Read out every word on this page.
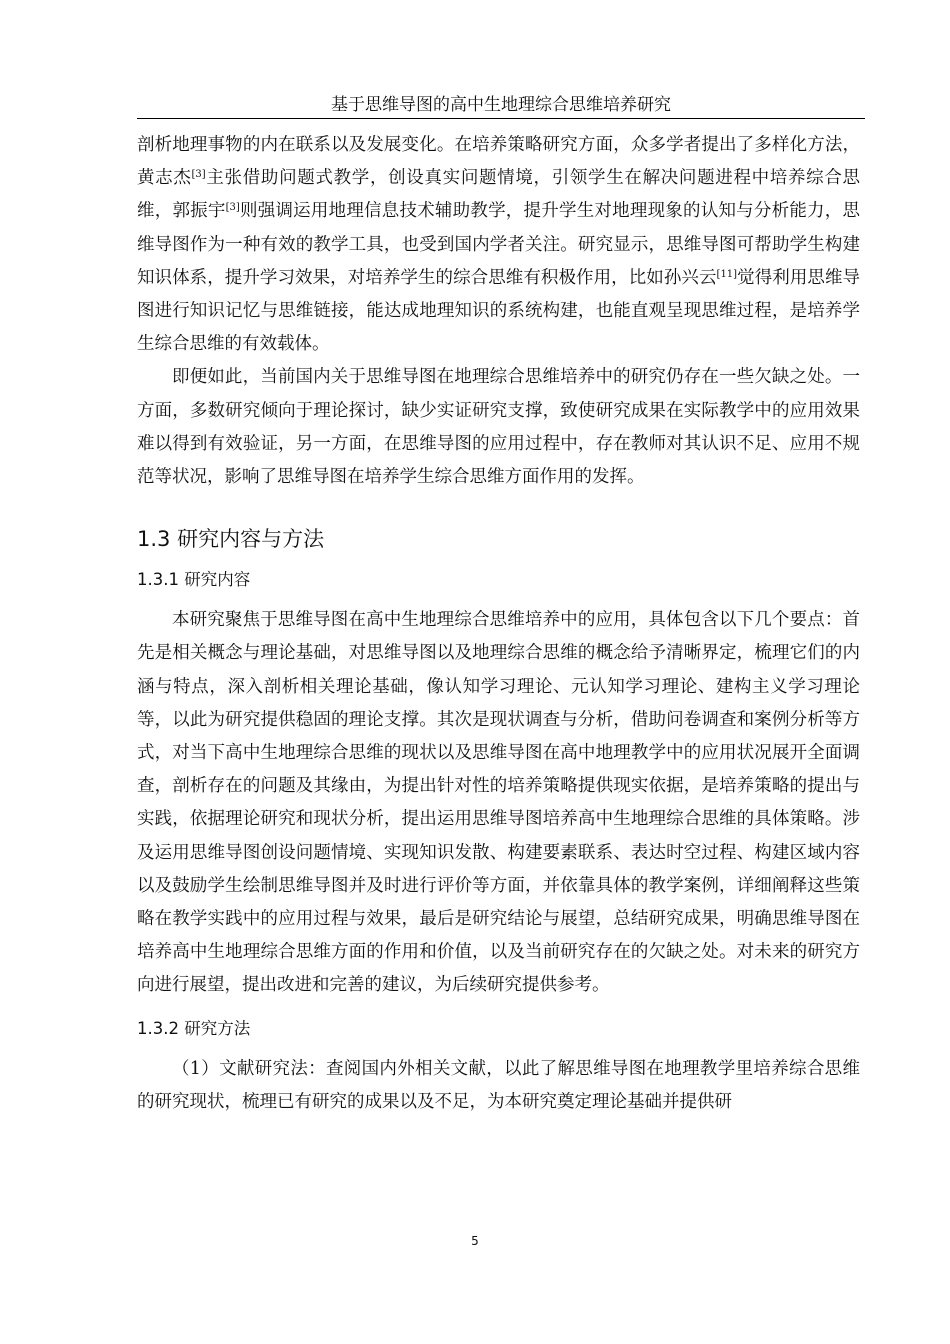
基于思维导图的高中生地理综合思维培养研究

剖析地理事物的内在联系以及发展变化。在培养策略研究方面，众多学者提出了多样化方法，黄志杰[3]主张借助问题式教学，创设真实问题情境，引领学生在解决问题进程中培养综合思维，郭振宇[3]则强调运用地理信息技术辅助教学，提升学生对地理现象的认知与分析能力，思维导图作为一种有效的教学工具，也受到国内学者关注。研究显示，思维导图可帮助学生构建知识体系，提升学习效果，对培养学生的综合思维有积极作用，比如孙兴云[11]觉得利用思维导图进行知识记忆与思维链接，能达成地理知识的系统构建，也能直观呈现思维过程，是培养学生综合思维的有效载体。

即便如此，当前国内关于思维导图在地理综合思维培养中的研究仍存在一些欠缺之处。一方面，多数研究倾向于理论探讨，缺少实证研究支撑，致使研究成果在实际教学中的应用效果难以得到有效验证，另一方面，在思维导图的应用过程中，存在教师对其认识不足、应用不规范等状况，影响了思维导图在培养学生综合思维方面作用的发挥。

1.3 研究内容与方法
1.3.1 研究内容

本研究聚焦于思维导图在高中生地理综合思维培养中的应用，具体包含以下几个要点：首先是相关概念与理论基础，对思维导图以及地理综合思维的概念给予清晰界定，梳理它们的内涵与特点，深入剖析相关理论基础，像认知学习理论、元认知学习理论、建构主义学习理论等，以此为研究提供稳固的理论支撑。其次是现状调查与分析，借助问卷调查和案例分析等方式，对当下高中生地理综合思维的现状以及思维导图在高中地理教学中的应用状况展开全面调查，剖析存在的问题及其缘由，为提出针对性的培养策略提供现实依据，是培养策略的提出与实践，依据理论研究和现状分析，提出运用思维导图培养高中生地理综合思维的具体策略。涉及运用思维导图创设问题情境、实现知识发散、构建要素联系、表达时空过程、构建区域内容以及鼓励学生绘制思维导图并及时进行评价等方面，并依靠具体的教学案例，详细阐释这些策略在教学实践中的应用过程与效果，最后是研究结论与展望，总结研究成果，明确思维导图在培养高中生地理综合思维方面的作用和价值，以及当前研究存在的欠缺之处。对未来的研究方向进行展望，提出改进和完善的建议，为后续研究提供参考。

1.3.2 研究方法

（1）文献研究法：查阅国内外相关文献，以此了解思维导图在地理教学里培养综合思维的研究现状，梳理已有研究的成果以及不足，为本研究奠定理论基础并提供研

5
